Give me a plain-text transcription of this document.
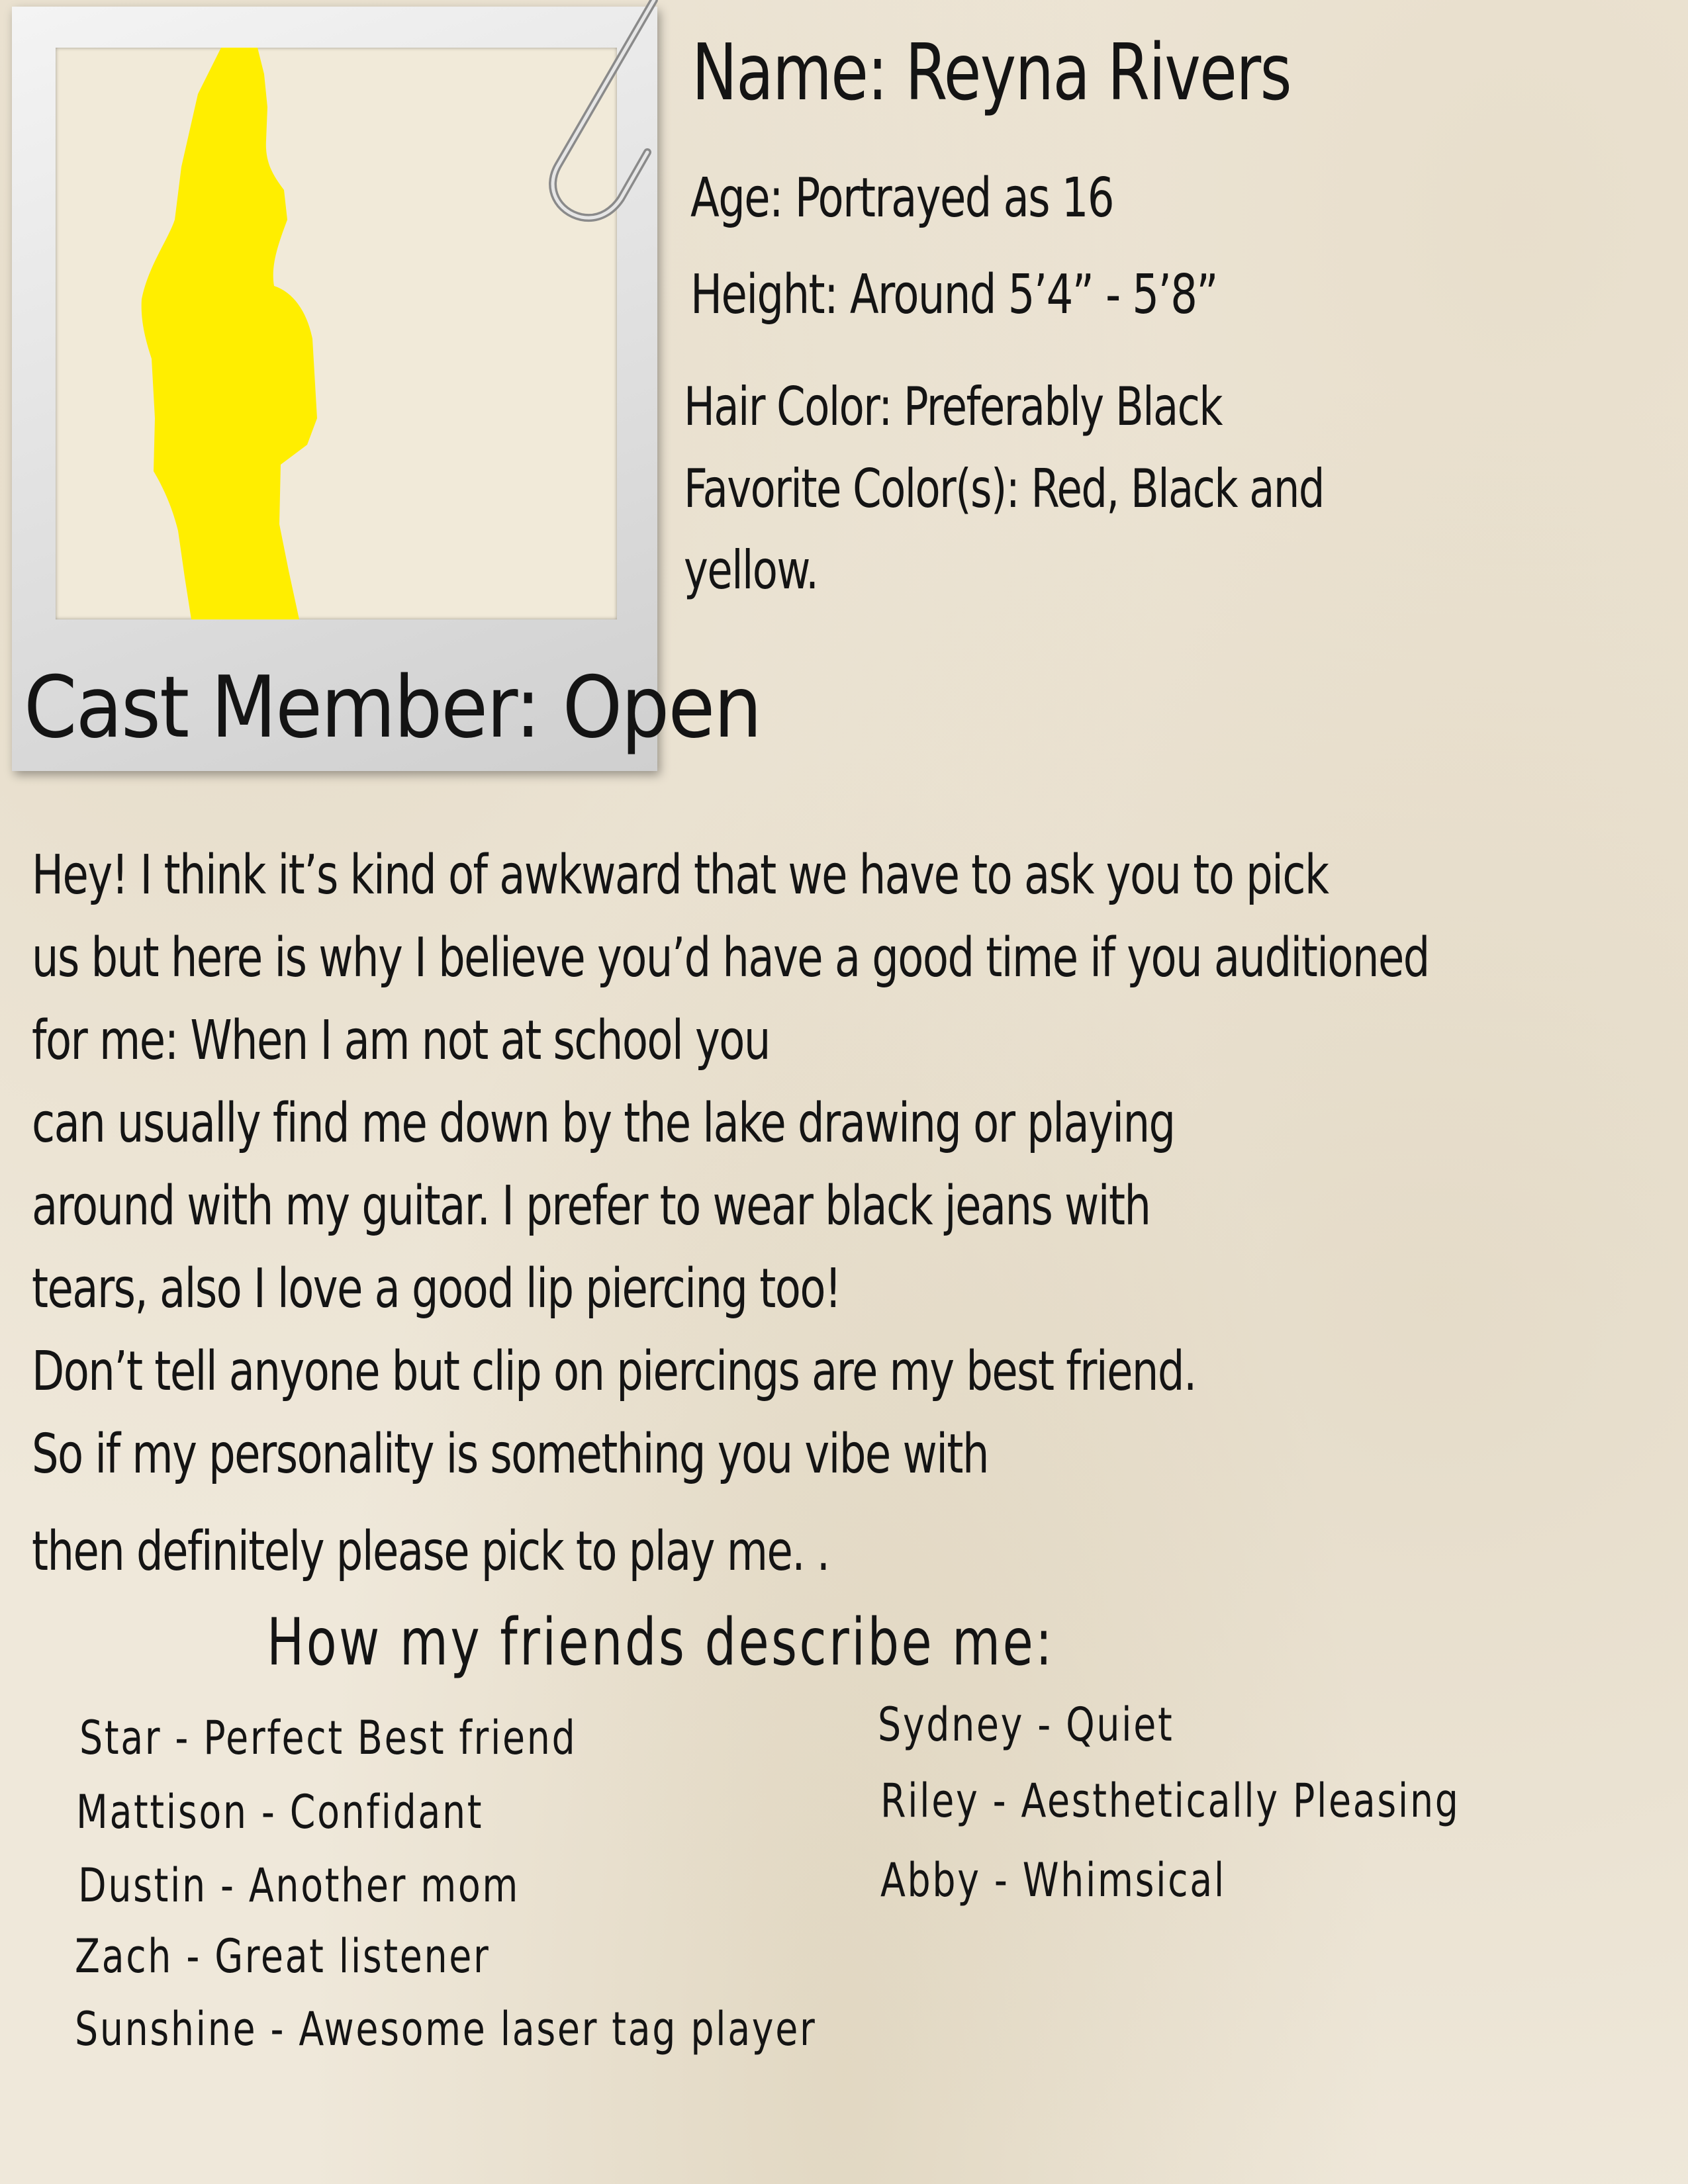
Cast Member: Open
Name: Reyna Rivers
Age: Portrayed as 16
Height: Around 5’4” - 5’8”
Hair Color: Preferably Black
Favorite Color(s): Red, Black and
yellow.
Hey! I think it’s kind of awkward that we have to ask you to pick
us but here is why I believe you’d have a good time if you auditioned
for me: When I am not at school you
can usually find me down by the lake drawing or playing
around with my guitar. I prefer to wear black jeans with
tears, also I love a good lip piercing too!
Don’t tell anyone but clip on piercings are my best friend.
So if my personality is something you vibe with
then definitely please pick to play me. .
How my friends describe me:
Star - Perfect Best friend
Mattison - Confidant
Dustin - Another mom
Zach - Great listener
Sunshine - Awesome laser tag player
Sydney - Quiet
Riley - Aesthetically Pleasing
Abby - Whimsical
